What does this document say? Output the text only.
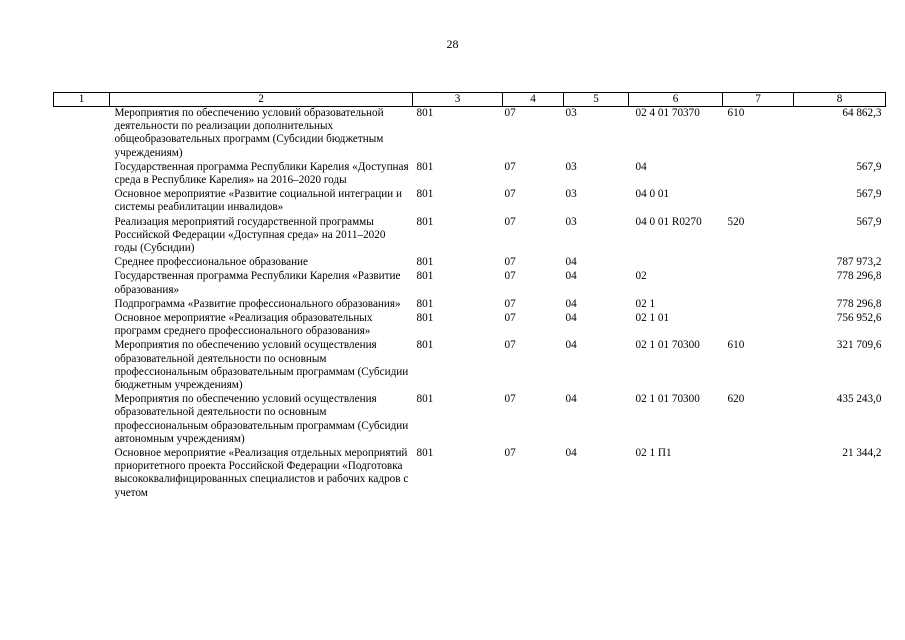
28
1	2	3	4	5	6	7	8
	Мероприятия по обеспечению условий образовательной деятельности по реализации дополнительных общеобразовательных программ (Субсидии бюджетным учреждениям)	801	07	03	02 4 01 70370	610	64 862,3
	Государственная программа Республики Карелия «Доступная среда в Республике Карелия» на 2016–2020 годы	801	07	03	04		567,9
	Основное мероприятие «Развитие социальной интеграции и системы реабилитации инвалидов»	801	07	03	04 0 01		567,9
	Реализация мероприятий государственной программы Российской Федерации «Доступная среда» на 2011–2020 годы (Субсидии)	801	07	03	04 0 01 R0270	520	567,9
	Среднее профессиональное образование	801	07	04			787 973,2
	Государственная программа Республики Карелия «Развитие образования»	801	07	04	02		778 296,8
	Подпрограмма «Развитие профессионального образования»	801	07	04	02 1		778 296,8
	Основное мероприятие «Реализация образовательных программ среднего профессионального образования»	801	07	04	02 1 01		756 952,6
	Мероприятия по обеспечению условий осуществления образовательной деятельности по основным профессиональным образовательным программам (Субсидии бюджетным учреждениям)	801	07	04	02 1 01 70300	610	321 709,6
	Мероприятия по обеспечению условий осуществления образовательной деятельности по основным профессиональным образовательным программам (Субсидии автономным учреждениям)	801	07	04	02 1 01 70300	620	435 243,0
	Основное мероприятие «Реализация отдельных мероприятий приоритетного проекта Российской Федерации «Подготовка высококвалифицированных специалистов и рабочих кадров с учетом	801	07	04	02 1 П1		21 344,2
